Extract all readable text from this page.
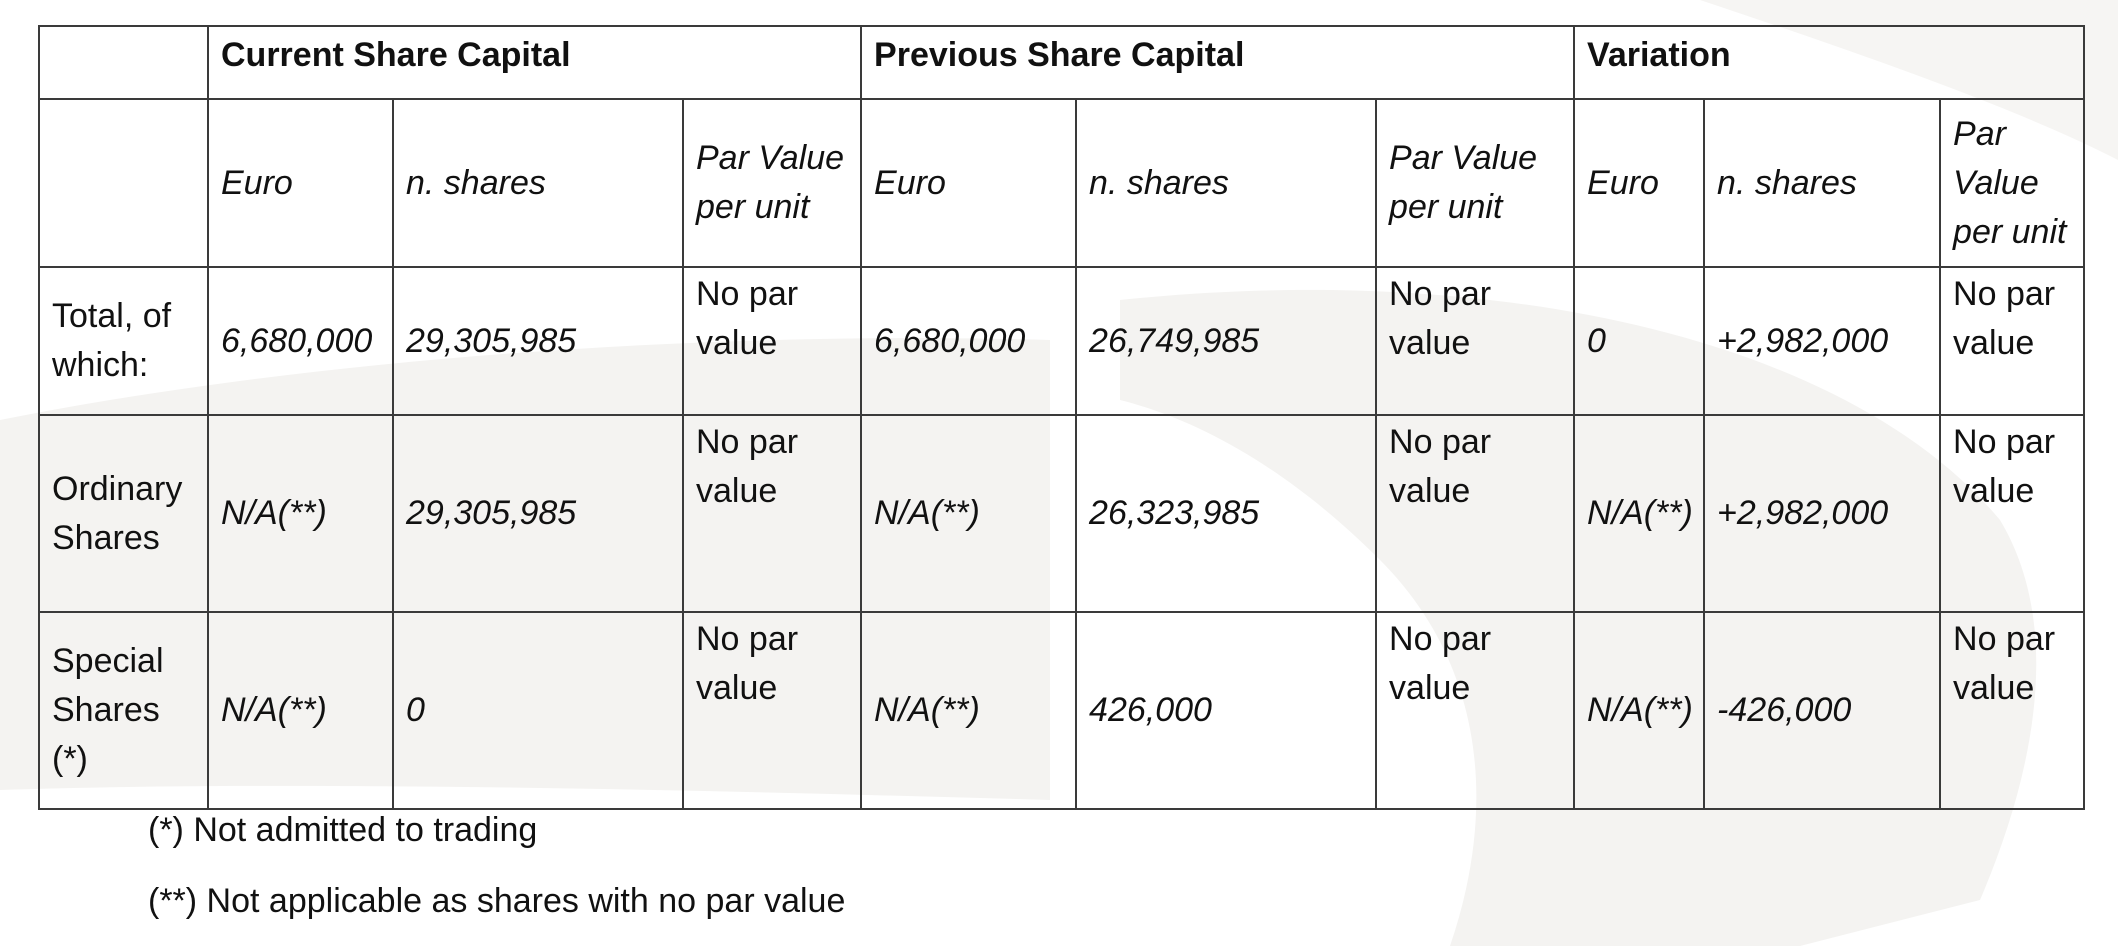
	Current Share Capital			Previous Share Capital			Variation		
	Euro	n. shares	Par Value per unit	Euro	n. shares	Par Value per unit	Euro	n. shares	Par Value per unit
Total, of which:	6,680,000	29,305,985	No par value	6,680,000	26,749,985	No par value	0	+2,982,000	No par value
Ordinary Shares	N/A(**)	29,305,985	No par value	N/A(**)	26,323,985	No par value	N/A(**)	+2,982,000	No par value
Special Shares (*)	N/A(**)	0	No par value	N/A(**)	426,000	No par value	N/A(**)	-426,000	No par value

(*) Not admitted to trading

(**) Not applicable as shares with no par value
